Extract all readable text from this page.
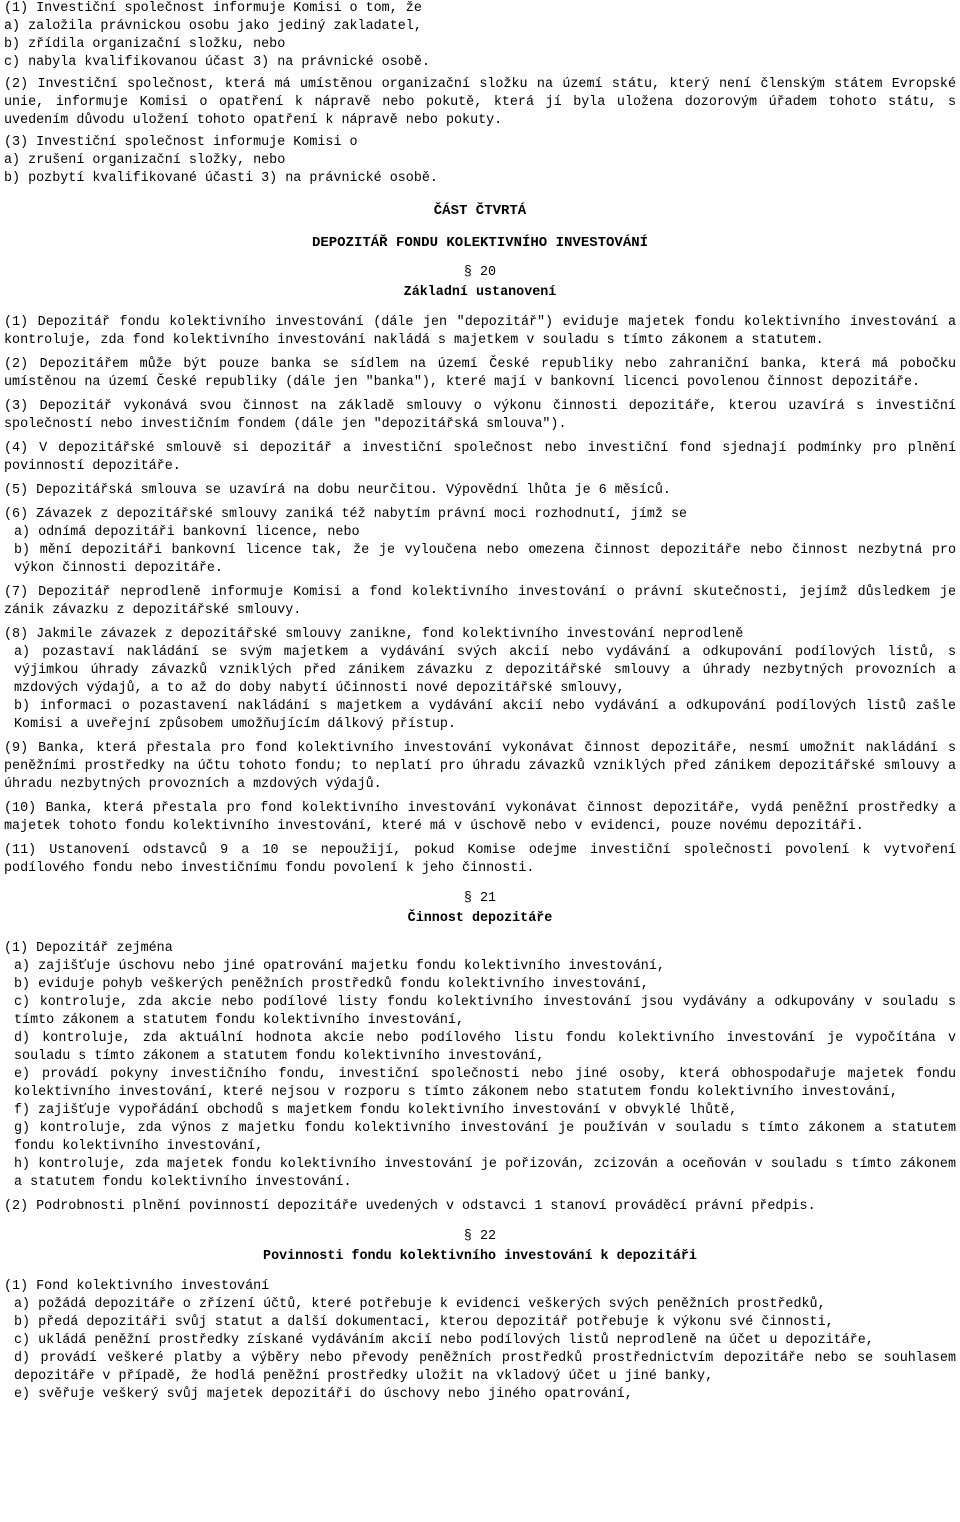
(1) Investiční společnost informuje Komisi o tom, že
a) založila právnickou osobu jako jediný zakladatel,
b) zřídila organizační složku, nebo
c) nabyla kvalifikovanou účast 3) na právnické osobě.
(2) Investiční společnost, která má umístěnou organizační složku na území státu, který není členským státem Evropské unie, informuje Komisi o opatření k nápravě nebo pokutě, která jí byla uložena dozorovým úřadem tohoto státu, s uvedením důvodu uložení tohoto opatření k nápravě nebo pokuty.
(3) Investiční společnost informuje Komisi o
a) zrušení organizační složky, nebo
b) pozbytí kvalifikované účasti 3) na právnické osobě.
ČÁST ČTVRTÁ
DEPOZITÁŘ FONDU KOLEKTIVNÍHO INVESTOVÁNÍ
§ 20
Základní ustanovení
(1) Depozitář fondu kolektivního investování (dále jen "depozitář") eviduje majetek fondu kolektivního investování a kontroluje, zda fond kolektivního investování nakládá s majetkem v souladu s tímto zákonem a statutem.
(2) Depozitářem může být pouze banka se sídlem na území České republiky nebo zahraniční banka, která má pobočku umístěnou na území České republiky (dále jen "banka"), které mají v bankovní licenci povolenou činnost depozitáře.
(3) Depozitář vykonává svou činnost na základě smlouvy o výkonu činnosti depozitáře, kterou uzavírá s investiční společností nebo investičním fondem (dále jen "depozitářská smlouva").
(4) V depozitářské smlouvě si depozitář a investiční společnost nebo investiční fond sjednají podmínky pro plnění povinností depozitáře.
(5) Depozitářská smlouva se uzavírá na dobu neurčitou. Výpovědní lhůta je 6 měsíců.
(6) Závazek z depozitářské smlouvy zaniká též nabytím právní moci rozhodnutí, jímž se
a) odnímá depozitáři bankovní licence, nebo
b) mění depozitáři bankovní licence tak, že je vyloučena nebo omezena činnost depozitáře nebo činnost nezbytná pro výkon činnosti depozitáře.
(7) Depozitář neprodleně informuje Komisi a fond kolektivního investování o právní skutečnosti, jejímž důsledkem je zánik závazku z depozitářské smlouvy.
(8) Jakmile závazek z depozitářské smlouvy zanikne, fond kolektivního investování neprodleně
a) pozastaví nakládání se svým majetkem a vydávání svých akcií nebo vydávání a odkupování podílových listů, s výjimkou úhrady závazků vzniklých před zánikem závazku z depozitářské smlouvy a úhrady nezbytných provozních a mzdových výdajů, a to až do doby nabytí účinnosti nové depozitářské smlouvy,
b) informaci o pozastavení nakládání s majetkem a vydávání akcií nebo vydávání a odkupování podílových listů zašle Komisi a uveřejní způsobem umožňujícím dálkový přístup.
(9) Banka, která přestala pro fond kolektivního investování vykonávat činnost depozitáře, nesmí umožnit nakládání s peněžními prostředky na účtu tohoto fondu; to neplatí pro úhradu závazků vzniklých před zánikem depozitářské smlouvy a úhradu nezbytných provozních a mzdových výdajů.
(10) Banka, která přestala pro fond kolektivního investování vykonávat činnost depozitáře, vydá peněžní prostředky a majetek tohoto fondu kolektivního investování, které má v úschově nebo v evidenci, pouze novému depozitáři.
(11) Ustanovení odstavců 9 a 10 se nepoužijí, pokud Komise odejme investiční společnosti povolení k vytvoření podílového fondu nebo investičnímu fondu povolení k jeho činnosti.
§ 21
Činnost depozitáře
(1) Depozitář zejména
a) zajišťuje úschovu nebo jiné opatrování majetku fondu kolektivního investování,
b) eviduje pohyb veškerých peněžních prostředků fondu kolektivního investování,
c) kontroluje, zda akcie nebo podílové listy fondu kolektivního investování jsou vydávány a odkupovány v souladu s tímto zákonem a statutem fondu kolektivního investování,
d) kontroluje, zda aktuální hodnota akcie nebo podílového listu fondu kolektivního investování je vypočítána v souladu s tímto zákonem a statutem fondu kolektivního investování,
e) provádí pokyny investičního fondu, investiční společnosti nebo jiné osoby, která obhospodařuje majetek fondu kolektivního investování, které nejsou v rozporu s tímto zákonem nebo statutem fondu kolektivního investování,
f) zajišťuje vypořádání obchodů s majetkem fondu kolektivního investování v obvyklé lhůtě,
g) kontroluje, zda výnos z majetku fondu kolektivního investování je používán v souladu s tímto zákonem a statutem fondu kolektivního investování,
h) kontroluje, zda majetek fondu kolektivního investování je pořizován, zcizován a oceňován v souladu s tímto zákonem a statutem fondu kolektivního investování.
(2) Podrobnosti plnění povinností depozitáře uvedených v odstavci 1 stanoví prováděcí právní předpis.
§ 22
Povinnosti fondu kolektivního investování k depozitáři
(1) Fond kolektivního investování
a) požádá depozitáře o zřízení účtů, které potřebuje k evidenci veškerých svých peněžních prostředků,
b) předá depozitáři svůj statut a další dokumentaci, kterou depozitář potřebuje k výkonu své činnosti,
c) ukládá peněžní prostředky získané vydáváním akcií nebo podílových listů neprodleně na účet u depozitáře,
d) provádí veškeré platby a výběry nebo převody peněžních prostředků prostřednictvím depozitáře nebo se souhlasem depozitáře v případě, že hodlá peněžní prostředky uložit na vkladový účet u jiné banky,
e) svěřuje veškerý svůj majetek depozitáři do úschovy nebo jiného opatrování,
